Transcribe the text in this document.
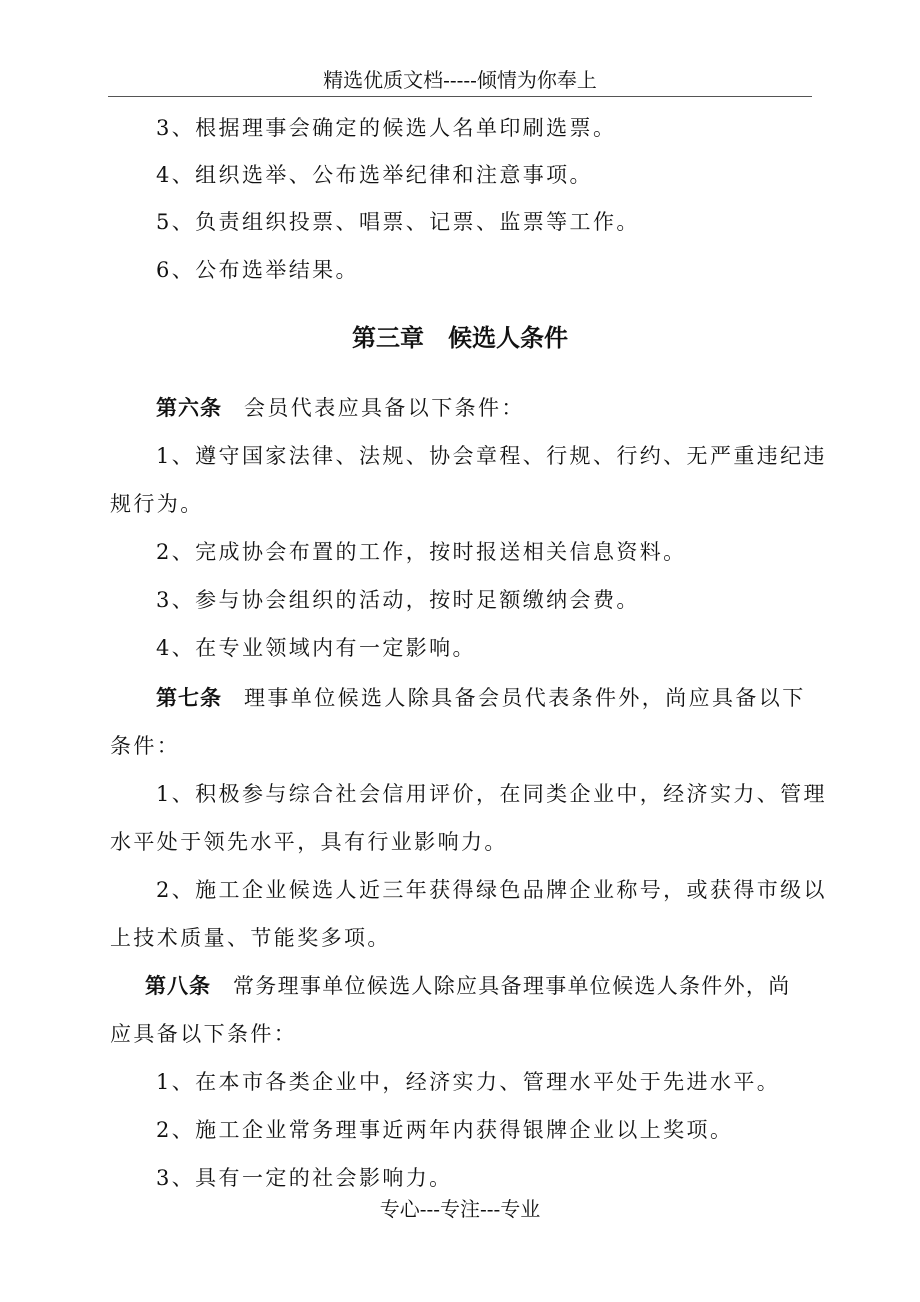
精选优质文档-----倾情为你奉上
3、根据理事会确定的候选人名单印刷选票。
4、组织选举、公布选举纪律和注意事项。
5、负责组织投票、唱票、记票、监票等工作。
6、公布选举结果。
第三章 候选人条件
第六条 会员代表应具备以下条件：
1、遵守国家法律、法规、协会章程、行规、行约、无严重违纪违
规行为。
2、完成协会布置的工作，按时报送相关信息资料。
3、参与协会组织的活动，按时足额缴纳会费。
4、在专业领域内有一定影响。
第七条 理事单位候选人除具备会员代表条件外，尚应具备以下
条件：
1、积极参与综合社会信用评价，在同类企业中，经济实力、管理
水平处于领先水平，具有行业影响力。
2、施工企业候选人近三年获得绿色品牌企业称号，或获得市级以
上技术质量、节能奖多项。
第八条 常务理事单位候选人除应具备理事单位候选人条件外，尚
应具备以下条件：
1、在本市各类企业中，经济实力、管理水平处于先进水平。
2、施工企业常务理事近两年内获得银牌企业以上奖项。
3、具有一定的社会影响力。
专心---专注---专业
